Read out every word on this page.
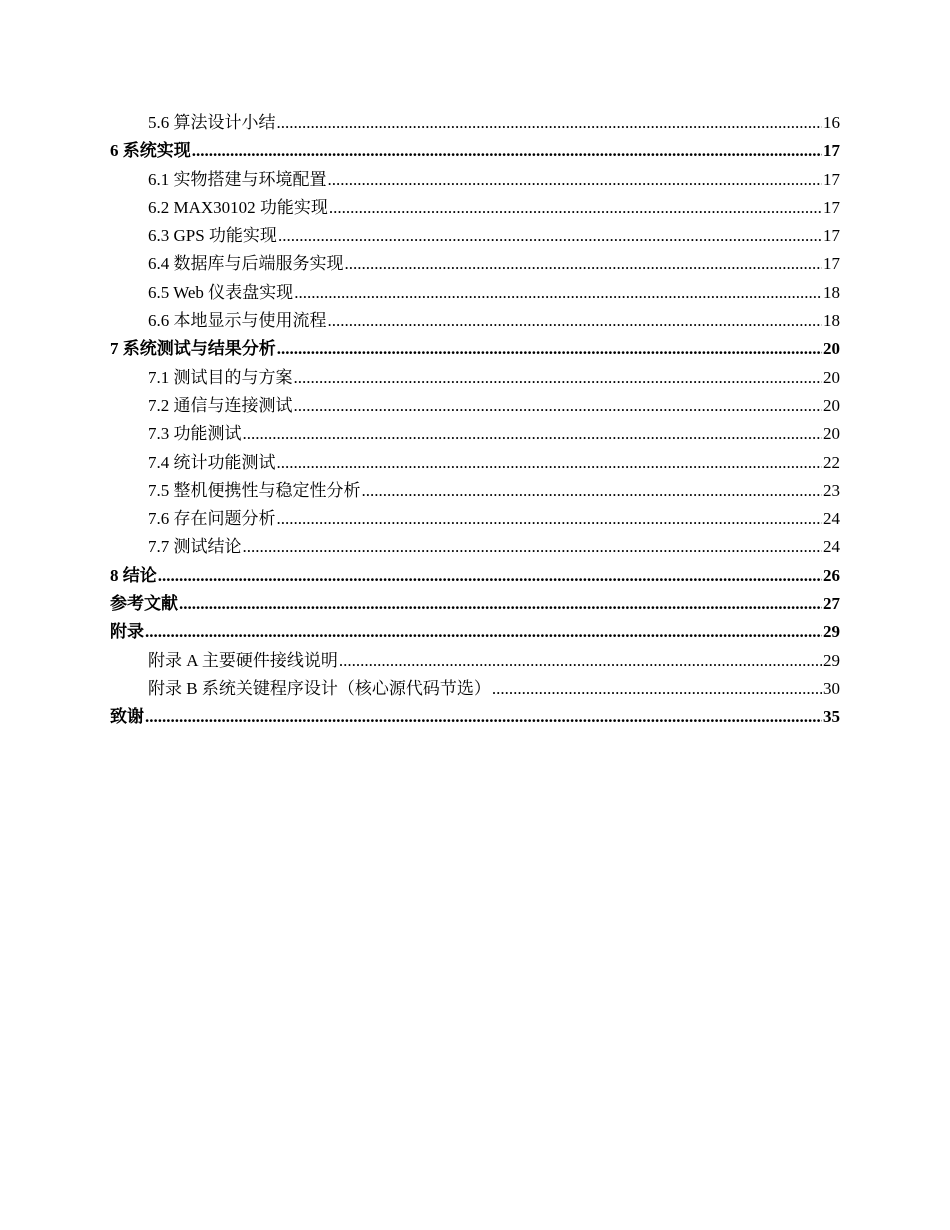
5.6 算法设计小结 .....	16
6 系统实现 .....	17
6.1 实物搭建与环境配置 .....	17
6.2 MAX30102 功能实现 .....	17
6.3 GPS 功能实现 .....	17
6.4 数据库与后端服务实现 .....	17
6.5 Web 仪表盘实现 .....	18
6.6 本地显示与使用流程 .....	18
7 系统测试与结果分析 .....	20
7.1 测试目的与方案 .....	20
7.2 通信与连接测试 .....	20
7.3 功能测试 .....	20
7.4 统计功能测试 .....	22
7.5 整机便携性与稳定性分析 .....	23
7.6 存在问题分析 .....	24
7.7 测试结论 .....	24
8 结论 .....	26
参考文献 .....	27
附录 .....	29
附录 A 主要硬件接线说明 .....	29
附录 B 系统关键程序设计（核心源代码节选） .....	30
致谢 .....	35
